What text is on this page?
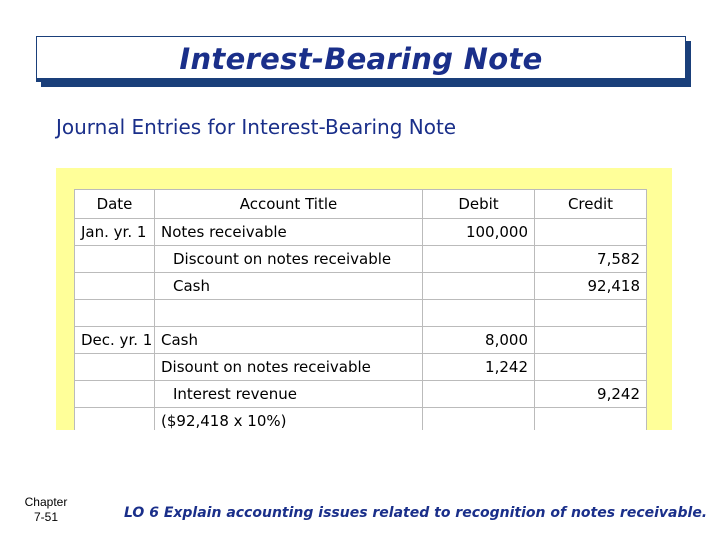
Interest-Bearing Note
Journal Entries for Interest-Bearing Note
Date	Account Title	Debit	Credit
Jan. yr. 1	Notes receivable	100,000	
	Discount on notes receivable		7,582
	Cash		92,418

Dec. yr. 1	Cash	8,000	
	Disount on notes receivable	1,242	
	Interest revenue		9,242
	($92,418 x 10%)		
Chapter
7-51	LO 6 Explain accounting issues related to recognition of notes receivable.
